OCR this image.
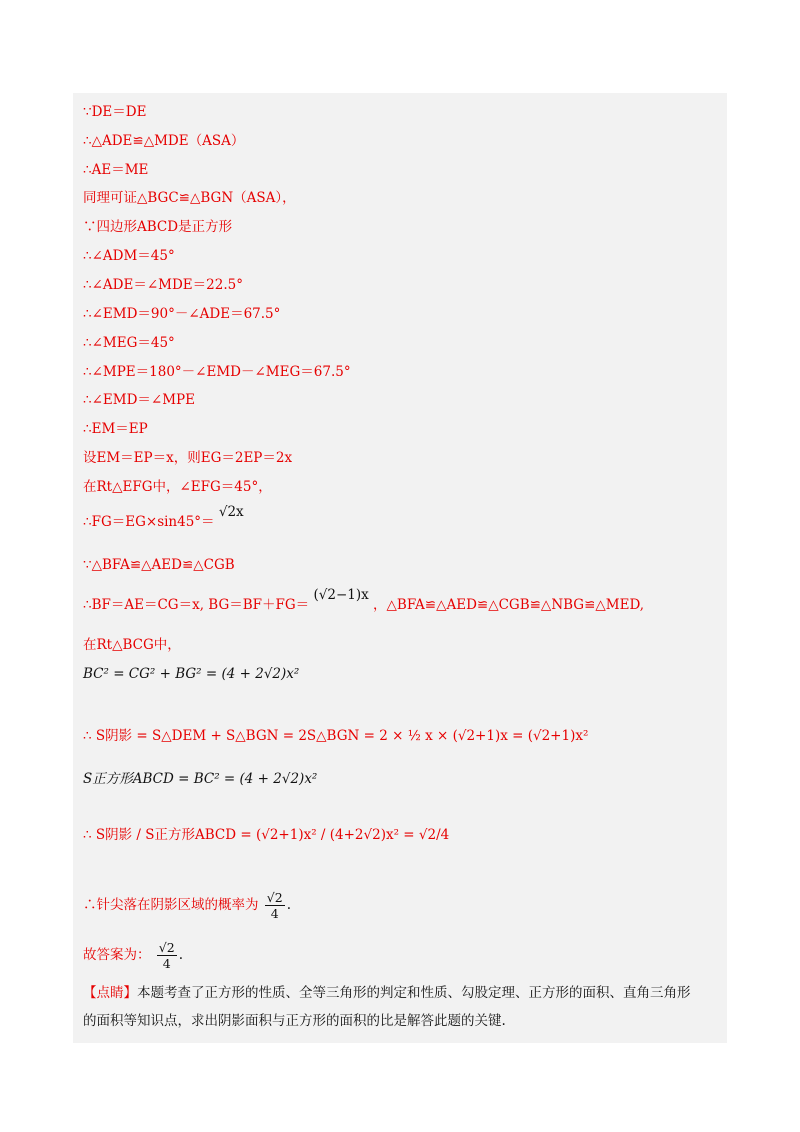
∵DE＝DE
∴△ADE≌△MDE（ASA）
∴AE＝ME
同理可证△BGC≌△BGN（ASA），
∵四边形ABCD是正方形
∴∠ADM＝45°
∴∠ADE＝∠MDE＝22.5°
∴∠EMD＝90°－∠ADE＝67.5°
∴∠MEG＝45°
∴∠MPE＝180°－∠EMD－∠MEG＝67.5°
∴∠EMD＝∠MPE
∴EM＝EP
设EM＝EP＝x，则EG＝2EP＝2x
在Rt△EFG中，∠EFG＝45°，
∴FG＝EG×sin45°＝ √2x
∵△BFA≌△AED≌△CGB
∴BF＝AE＝CG＝x, BG＝BF＋FG＝ (√2−1)x ，△BFA≌△AED≌△CGB≌△NBG≌△MED,
在Rt△BCG中，
BC² = CG² + BG² = (4 + 2√2)x²
∴ S阴影 = S△DEM + S△BGN = 2S△BGN = 2 × ½ x × (√2+1)x = (√2+1)x²
S正方形ABCD = BC² = (4 + 2√2)x²
∴ S阴影 / S正方形ABCD = (√2+1)x² / (4+2√2)x² = √2/4
∴针尖落在阴影区域的概率为 $\frac{√2}{4}$ .
故答案为： $\frac{√2}{4}$ .
【点睛】本题考查了正方形的性质、全等三角形的判定和性质、勾股定理、正方形的面积、直角三角形
的面积等知识点，求出阴影面积与正方形的面积的比是解答此题的关键.
